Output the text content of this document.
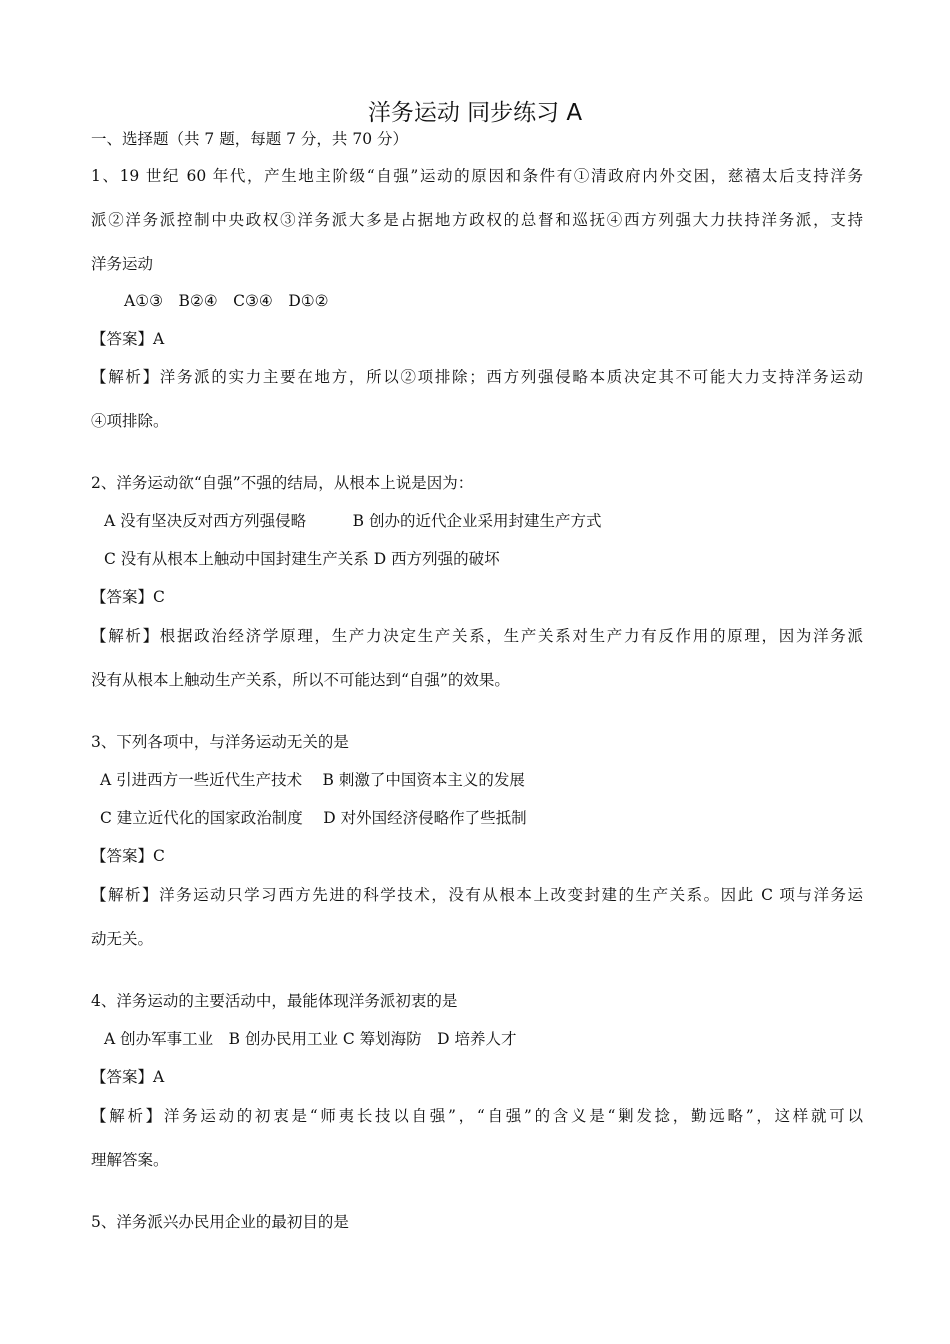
洋务运动 同步练习 A
一、选择题（共 7 题，每题 7 分，共 70 分）
1、19 世纪 60 年代，产生地主阶级“自强”运动的原因和条件有①清政府内外交困，慈禧太后支持洋务
派②洋务派控制中央政权③洋务派大多是占据地方政权的总督和巡抚④西方列强大力扶持洋务派，支持
洋务运动
A①③　B②④　C③④　D①②
【答案】A
【解析】洋务派的实力主要在地方，所以②项排除；西方列强侵略本质决定其不可能大力支持洋务运动
④项排除。
2、洋务运动欲“自强”不强的结局，从根本上说是因为：
A 没有坚决反对西方列强侵略　　　B 创办的近代企业采用封建生产方式
C 没有从根本上触动中国封建生产关系 D 西方列强的破坏
【答案】C
【解析】根据政治经济学原理，生产力决定生产关系，生产关系对生产力有反作用的原理，因为洋务派
没有从根本上触动生产关系，所以不可能达到“自强”的效果。
3、下列各项中，与洋务运动无关的是
A 引进西方一些近代生产技术　 B 刺激了中国资本主义的发展
C 建立近代化的国家政治制度　 D 对外国经济侵略作了些抵制
【答案】C
【解析】洋务运动只学习西方先进的科学技术，没有从根本上改变封建的生产关系。因此 C 项与洋务运
动无关。
4、洋务运动的主要活动中，最能体现洋务派初衷的是
A 创办军事工业　B 创办民用工业 C 筹划海防　D 培养人才
【答案】A
【解析】洋务运动的初衷是“师夷长技以自强”，“自强”的含义是“剿发捻，勤远略”，这样就可以
理解答案。
5、洋务派兴办民用企业的最初目的是
